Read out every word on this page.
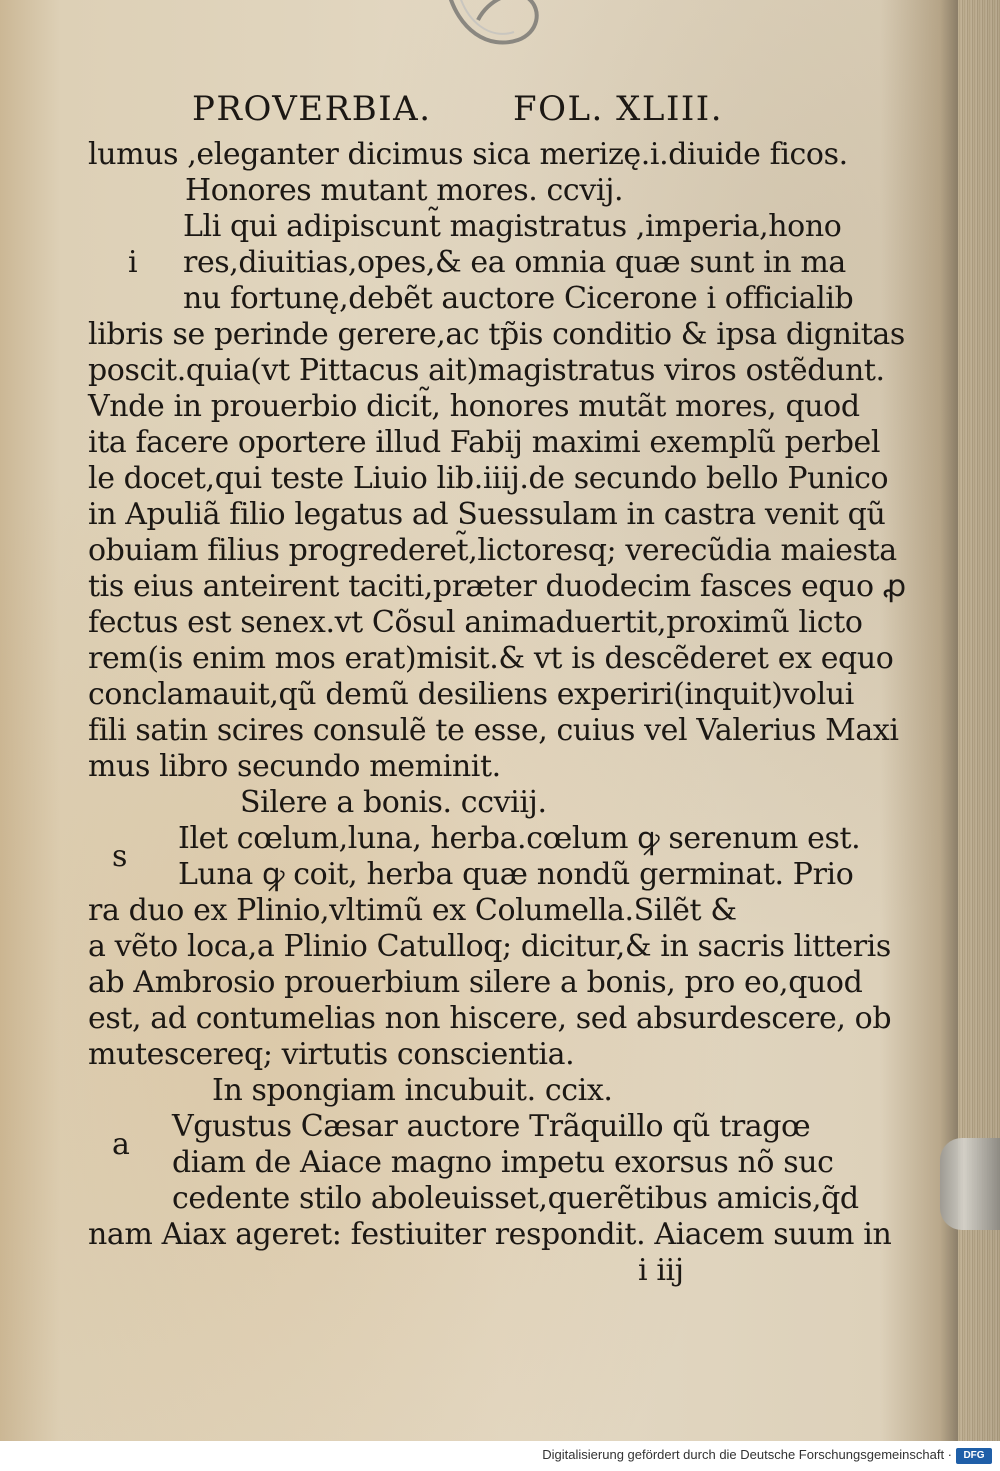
PROVERBIA. FOL. XLIII.
lumus ,eleganter dicimus sica merizę.i.diuide ficos.
Honores mutant mores. ccvij.
Lli qui adipiscunt̃ magistratus ,imperia,hono
res,diuitias,opes,& ea omnia quæ sunt in ma
nu fortunę,debẽt auctore Cicerone i officialib
libris se perinde gerere,ac tp̃is conditio & ipsa dignitas
poscit.quia(vt Pittacus ait)magistratus viros ostẽdunt.
Vnde in prouerbio dicit̃, honores mutãt mores, quod
ita facere oportere illud Fabij maximi exemplũ perbel
le docet,qui teste Liuio lib.iiij.de secundo bello Punico
in Apuliã filio legatus ad Suessulam in castra venit qũ
obuiam filius progrederet̃,lictoresq; verecũdia maiesta
tis eius anteirent taciti,præter duodecim fasces equo ꝓ
fectus est senex.vt Cõsul animaduertit,proximũ licto
rem(is enim mos erat)misit.& vt is descẽderet ex equo
conclamauit,qũ demũ desiliens experiri(inquit)volui
fili satin scires consulẽ te esse, cuius vel Valerius Maxi
mus libro secundo meminit.
Silere a bonis. ccviij.
Ilet cœlum,luna, herba.cœlum ꝙ serenum est.
Luna ꝙ coit, herba quæ nondũ germinat. Prio
ra duo ex Plinio,vltimũ ex Columella.Silẽt &
a vẽto loca,a Plinio Catulloq; dicitur,& in sacris litteris
ab Ambrosio prouerbium silere a bonis, pro eo,quod
est, ad contumelias non hiscere, sed absurdescere, ob
mutescereq; virtutis conscientia.
In spongiam incubuit. ccix.
Vgustus Cæsar auctore Trãquillo qũ tragœ
diam de Aiace magno impetu exorsus nõ suc
cedente stilo aboleuisset,querẽtibus amicis,q̃d
nam Aiax ageret: festiuiter respondit. Aiacem suum in
i iij
i
s
a
Digitalisierung gefördert durch die Deutsche Forschungsgemeinschaft ·	DFG
